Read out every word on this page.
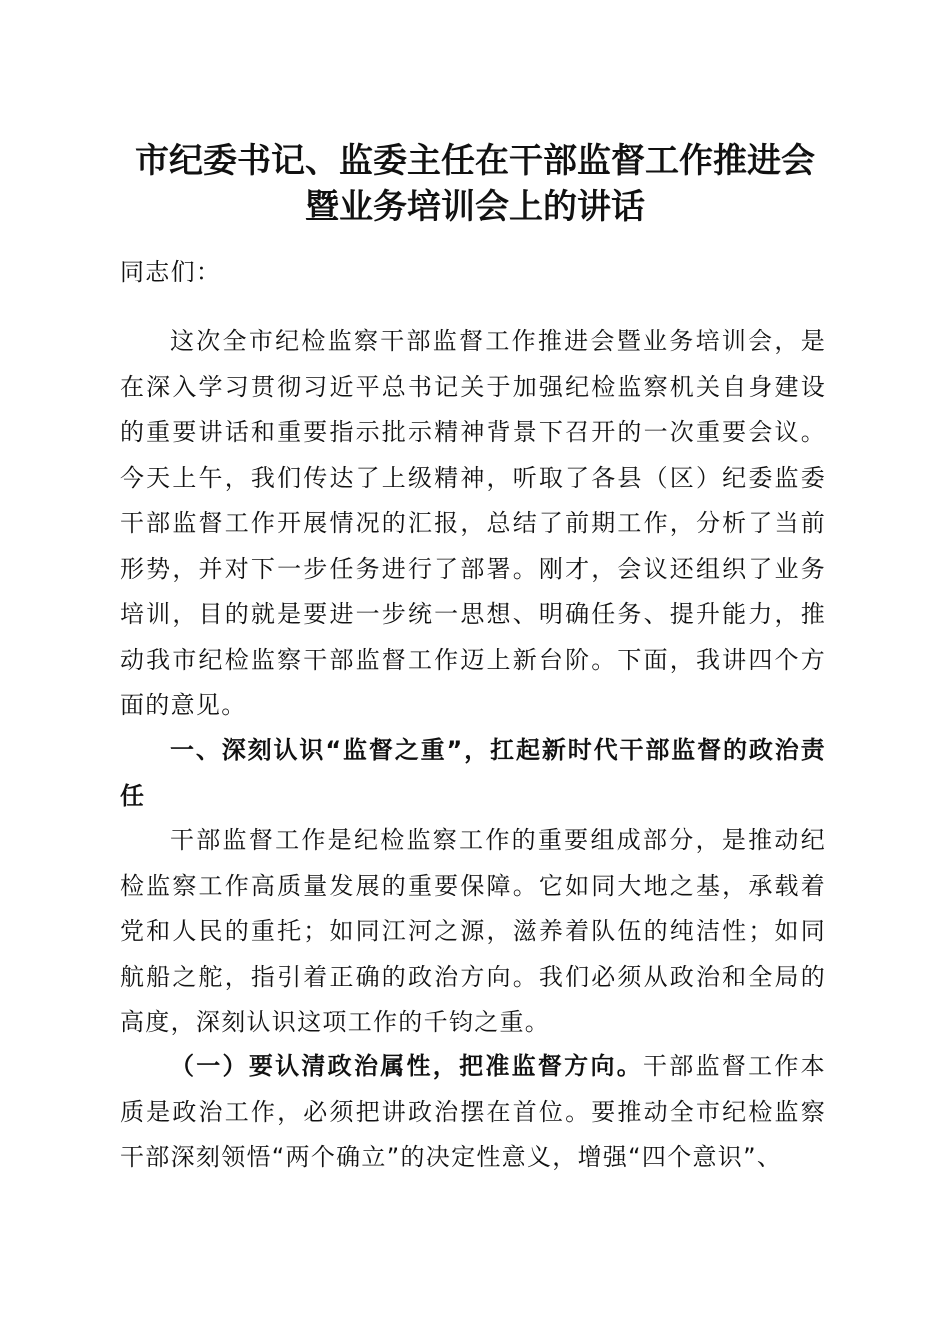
市纪委书记、监委主任在干部监督工作推进会
暨业务培训会上的讲话
同志们：
这次全市纪检监察干部监督工作推进会暨业务培训会，是在深入学习贯彻习近平总书记关于加强纪检监察机关自身建设的重要讲话和重要指示批示精神背景下召开的一次重要会议。今天上午，我们传达了上级精神，听取了各县（区）纪委监委干部监督工作开展情况的汇报，总结了前期工作，分析了当前形势，并对下一步任务进行了部署。刚才，会议还组织了业务培训，目的就是要进一步统一思想、明确任务、提升能力，推动我市纪检监察干部监督工作迈上新台阶。下面，我讲四个方面的意见。
一、深刻认识“监督之重”，扛起新时代干部监督的政治责任
干部监督工作是纪检监察工作的重要组成部分，是推动纪检监察工作高质量发展的重要保障。它如同大地之基，承载着党和人民的重托；如同江河之源，滋养着队伍的纯洁性；如同航船之舵，指引着正确的政治方向。我们必须从政治和全局的高度，深刻认识这项工作的千钧之重。
（一）要认清政治属性，把准监督方向。干部监督工作本质是政治工作，必须把讲政治摆在首位。要推动全市纪检监察干部深刻领悟“两个确立”的决定性意义，增强“四个意识”、
